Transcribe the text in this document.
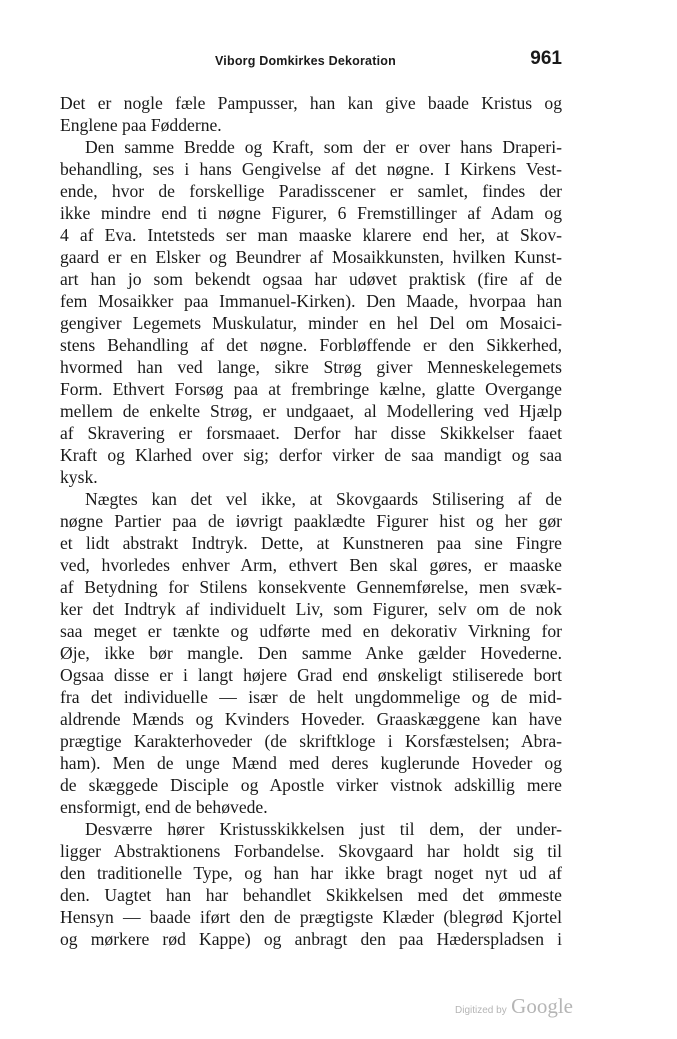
Viborg Domkirkes Dekoration	961
Det er nogle fæle Pampusser, han kan give baade Kristus og
Englene paa Fødderne.
Den samme Bredde og Kraft, som der er over hans Draperi-
behandling, ses i hans Gengivelse af det nøgne. I Kirkens Vest-
ende, hvor de forskellige Paradisscener er samlet, findes der
ikke mindre end ti nøgne Figurer, 6 Fremstillinger af Adam og
4 af Eva. Intetsteds ser man maaske klarere end her, at Skov-
gaard er en Elsker og Beundrer af Mosaikkunsten, hvilken Kunst-
art han jo som bekendt ogsaa har udøvet praktisk (fire af de
fem Mosaikker paa Immanuel-Kirken). Den Maade, hvorpaa han
gengiver Legemets Muskulatur, minder en hel Del om Mosaici-
stens Behandling af det nøgne. Forbløffende er den Sikkerhed,
hvormed han ved lange, sikre Strøg giver Menneskelegemets
Form. Ethvert Forsøg paa at frembringe kælne, glatte Overgange
mellem de enkelte Strøg, er undgaaet, al Modellering ved Hjælp
af Skravering er forsmaaet. Derfor har disse Skikkelser faaet
Kraft og Klarhed over sig; derfor virker de saa mandigt og saa
kysk.
Nægtes kan det vel ikke, at Skovgaards Stilisering af de
nøgne Partier paa de iøvrigt paaklædte Figurer hist og her gør
et lidt abstrakt Indtryk. Dette, at Kunstneren paa sine Fingre
ved, hvorledes enhver Arm, ethvert Ben skal gøres, er maaske
af Betydning for Stilens konsekvente Gennemførelse, men svæk-
ker det Indtryk af individuelt Liv, som Figurer, selv om de nok
saa meget er tænkte og udførte med en dekorativ Virkning for
Øje, ikke bør mangle. Den samme Anke gælder Hovederne.
Ogsaa disse er i langt højere Grad end ønskeligt stiliserede bort
fra det individuelle — især de helt ungdommelige og de mid-
aldrende Mænds og Kvinders Hoveder. Graaskæggene kan have
prægtige Karakterhoveder (de skriftkloge i Korsfæstelsen; Abra-
ham). Men de unge Mænd med deres kuglerunde Hoveder og
de skæggede Disciple og Apostle virker vistnok adskillig mere
ensformigt, end de behøvede.
Desværre hører Kristusskikkelsen just til dem, der under-
ligger Abstraktionens Forbandelse. Skovgaard har holdt sig til
den traditionelle Type, og han har ikke bragt noget nyt ud af
den. Uagtet han har behandlet Skikkelsen med det ømmeste
Hensyn — baade iført den de prægtigste Klæder (blegrød Kjortel
og mørkere rød Kappe) og anbragt den paa Hæderspladsen i
Digitized by Google
